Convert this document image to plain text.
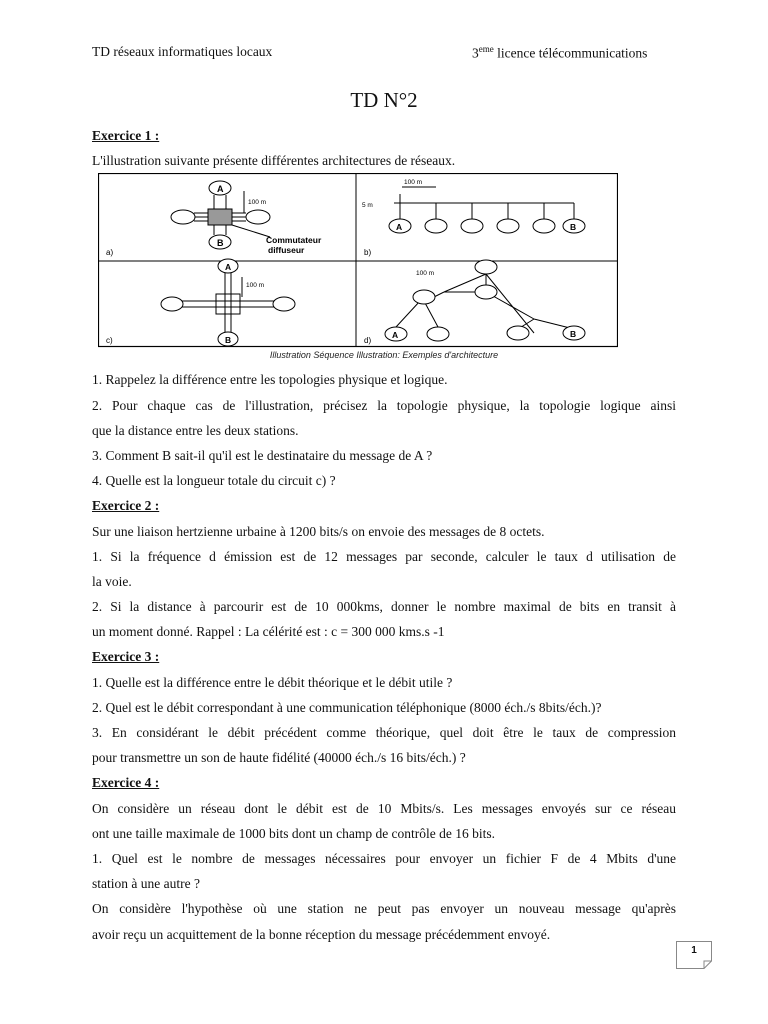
TD réseaux informatiques locaux	3eme licence télécommunications
TD N°2
Exercice 1 :
L'illustration suivante présente différentes architectures de réseaux.
A
B
100 m
Commutateur
diffuseur
a)
A	B
100 m
5 m
b)
A
B
100 m
c)
A	B
100 m
d)
Illustration Séquence Illustration: Exemples d'architecture
1. Rappelez la différence entre les topologies physique et logique.
2. Pour chaque cas de l'illustration, précisez la topologie physique, la topologie logique ainsi
que la distance entre les deux stations.
3. Comment B sait-il qu'il est le destinataire du message de A ?
4. Quelle est la longueur totale du circuit c) ?
Exercice 2 :
Sur une liaison hertzienne urbaine à 1200 bits/s on envoie des messages de 8 octets.
1. Si la fréquence d émission est de 12 messages par seconde, calculer le taux d utilisation de
la voie.
2. Si la distance à parcourir est de 10 000kms, donner le nombre maximal de bits en transit à
un moment donné. Rappel : La célérité est : c = 300 000 kms.s -1
Exercice 3 :
1. Quelle est la différence entre le débit théorique et le débit utile ?
2. Quel est le débit correspondant à une communication téléphonique (8000 éch./s 8bits/éch.)?
3. En considérant le débit précédent comme théorique, quel doit être le taux de compression
pour transmettre un son de haute fidélité (40000 éch./s 16 bits/éch.) ?
Exercice 4 :
On considère un réseau dont le débit est de 10 Mbits/s. Les messages envoyés sur ce réseau
ont une taille maximale de 1000 bits dont un champ de contrôle de 16 bits.
1. Quel est le nombre de messages nécessaires pour envoyer un fichier F de 4 Mbits d'une
station à une autre ?
On considère l'hypothèse où une station ne peut pas envoyer un nouveau message qu'après
avoir reçu un acquittement de la bonne réception du message précédemment envoyé.
1
